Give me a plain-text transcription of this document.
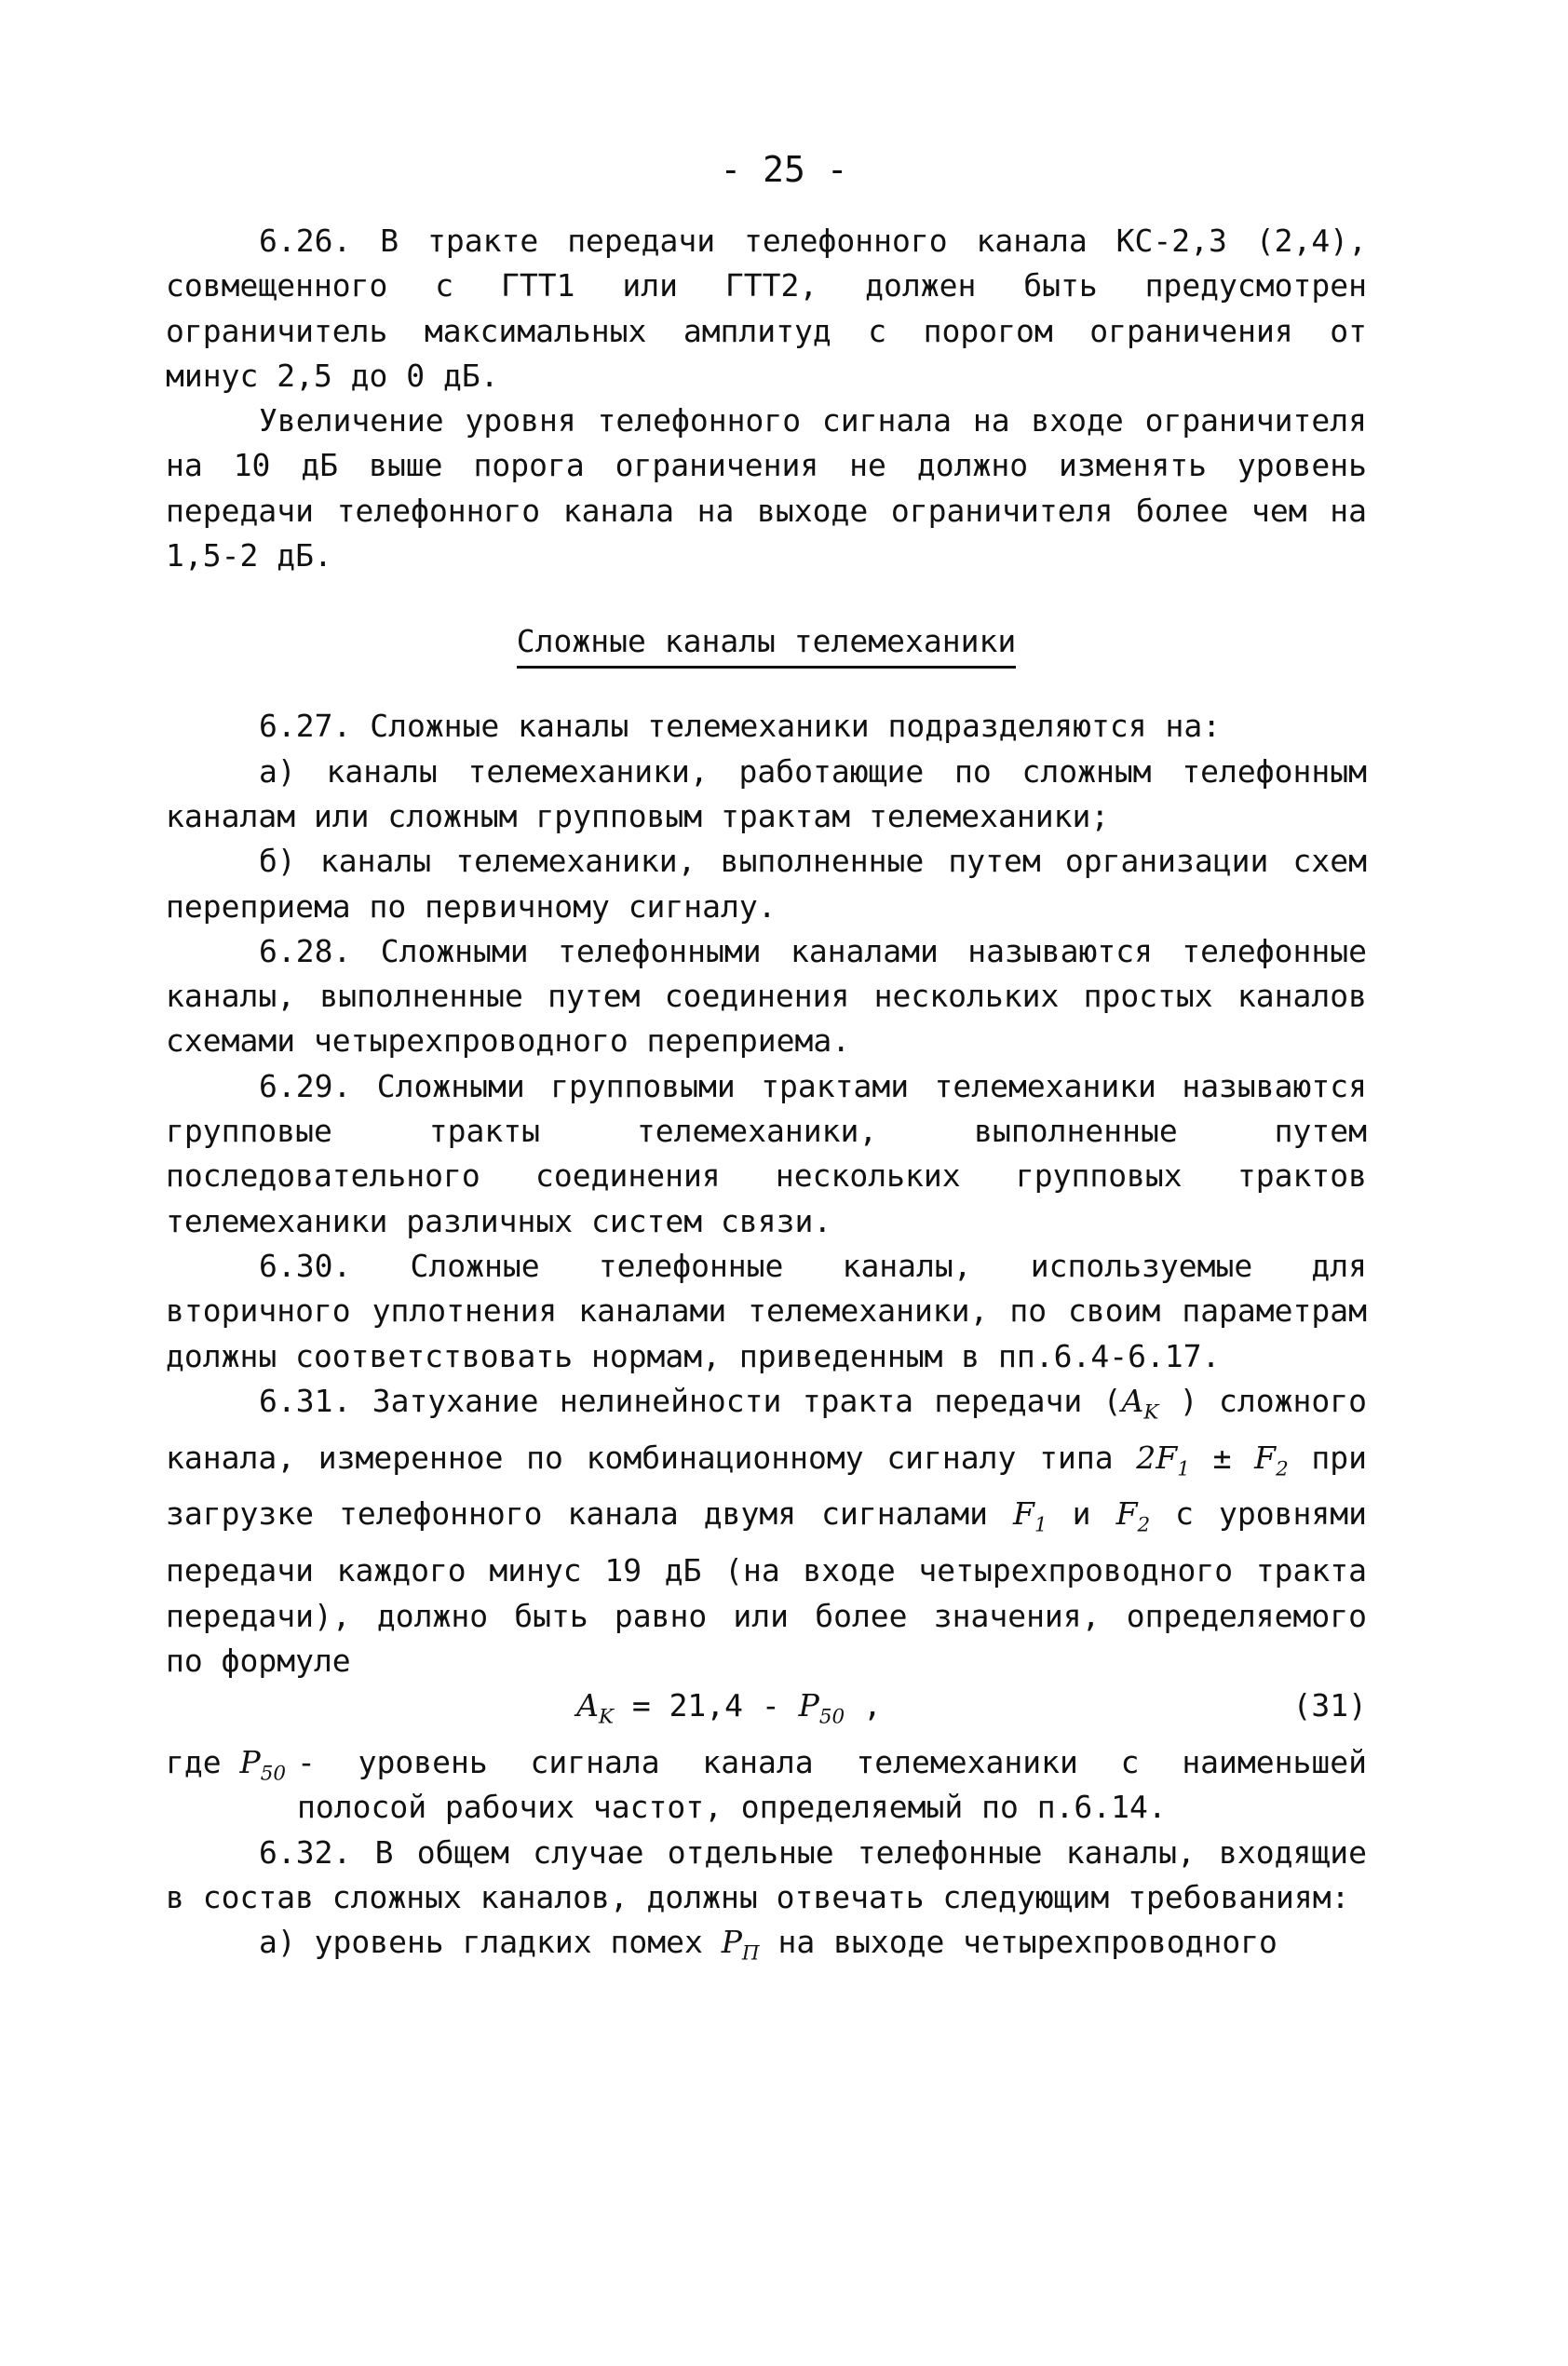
- 25 -

6.26. В тракте передачи телефонного канала КС-2,3 (2,4), совмещенного с ГТТ1 или ГТТ2, должен быть предусмотрен ограничитель максимальных амплитуд с порогом ограничения от минус 2,5 до 0 дБ.

Увеличение уровня телефонного сигнала на входе ограничителя на 10 дБ выше порога ограничения не должно изменять уровень передачи телефонного канала на выходе ограничителя более чем на 1,5-2 дБ.

Сложные каналы телемеханики

6.27. Сложные каналы телемеханики подразделяются на:

а) каналы телемеханики, работающие по сложным телефонным каналам или сложным групповым трактам телемеханики;

б) каналы телемеханики, выполненные путем организации схем переприема по первичному сигналу.

6.28. Сложными телефонными каналами называются телефонные каналы, выполненные путем соединения нескольких простых каналов схемами четырехпроводного переприема.

6.29. Сложными групповыми трактами телемеханики называются групповые тракты телемеханики, выполненные путем последовательного соединения нескольких групповых трактов телемеханики различных систем связи.

6.30. Сложные телефонные каналы, используемые для вторичного уплотнения каналами телемеханики, по своим параметрам должны соответствовать нормам, приведенным в пп.6.4-6.17.

6.31. Затухание нелинейности тракта передачи ($A_K$ ) сложного канала, измеренное по комбинационному сигналу типа $2F_1 \pm F_2$ при загрузке телефонного канала двумя сигналами $F_1$ и $F_2$ с уровнями передачи каждого минус 19 дБ (на входе четырехпроводного тракта передачи), должно быть равно или более значения, определяемого по формуле

$A_K = 21,4 - P_{50}$ ,	(31)

где $P_{50}$ - уровень сигнала канала телемеханики с наименьшей полосой рабочих частот, определяемый по п.6.14.

6.32. В общем случае отдельные телефонные каналы, входящие в состав сложных каналов, должны отвечать следующим требованиям:

а) уровень гладких помех $P_П$ на выходе четырехпроводного
